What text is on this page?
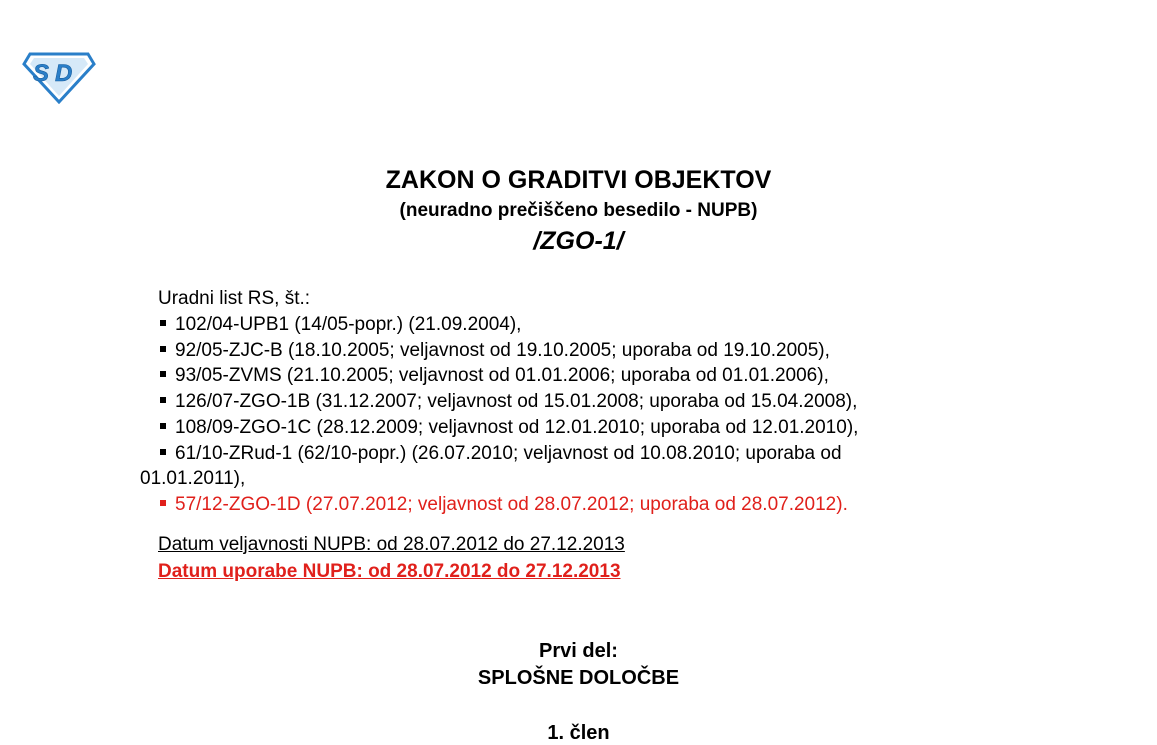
S D
ZAKON O GRADITVI OBJEKTOV
(neuradno prečiščeno besedilo - NUPB)
/ZGO-1/
Uradni list RS, št.:
102/04-UPB1 (14/05-popr.) (21.09.2004),
92/05-ZJC-B (18.10.2005; veljavnost od 19.10.2005; uporaba od 19.10.2005),
93/05-ZVMS (21.10.2005; veljavnost od 01.01.2006; uporaba od 01.01.2006),
126/07-ZGO-1B (31.12.2007; veljavnost od 15.01.2008; uporaba od 15.04.2008),
108/09-ZGO-1C (28.12.2009; veljavnost od 12.01.2010; uporaba od 12.01.2010),
61/10-ZRud-1 (62/10-popr.) (26.07.2010; veljavnost od 10.08.2010; uporaba od
01.01.2011),
57/12-ZGO-1D (27.07.2012; veljavnost od 28.07.2012; uporaba od 28.07.2012).
Datum veljavnosti NUPB: od 28.07.2012 do 27.12.2013
Datum uporabe NUPB: od 28.07.2012 do 27.12.2013
Prvi del:
SPLOŠNE DOLOČBE
1. člen
